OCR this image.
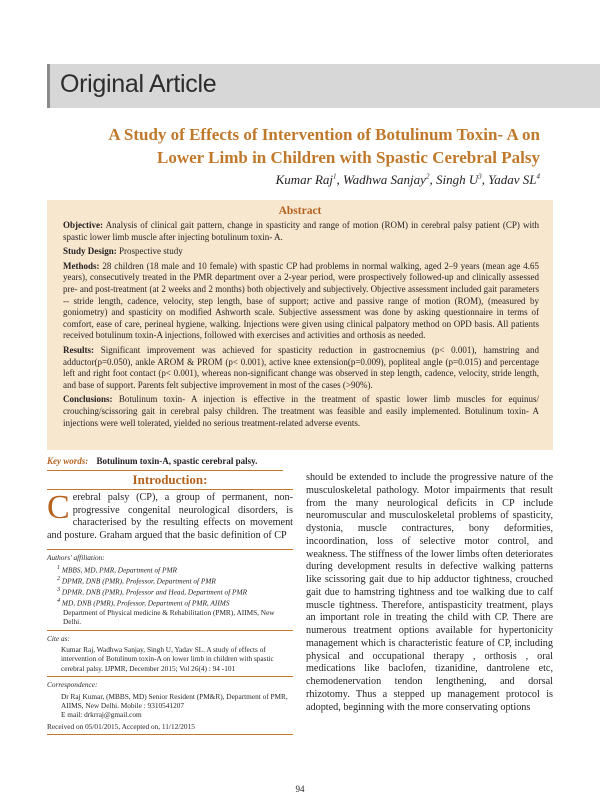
Original Article
A Study of Effects of Intervention of Botulinum Toxin- A on
Lower Limb in Children with Spastic Cerebral Palsy
Kumar Raj$^1$, Wadhwa Sanjay$^2$, Singh $U^3$, Yadav $SL^4$
Abstract

Objective: Analysis of clinical gait pattern, change in spasticity and range of motion (ROM) in cerebral palsy patient (CP) with spastic lower limb muscle after injecting botulinum toxin- A.

Study Design: Prospective study

Methods: 28 children (18 male and 10 female) with spastic CP had problems in normal walking, aged 2–9 years (mean age 4.65 years), consecutively treated in the PMR department over a 2-year period, were prospectively followed-up and clinically assessed pre- and post-treatment (at 2 weeks and 2 months) both objectively and subjectively. Objective assessment included gait parameters -- stride length, cadence, velocity, step length, base of support; active and passive range of motion (ROM), (measured by goniometry) and spasticity on modified Ashworth scale. Subjective assessment was done by asking questionnaire in terms of comfort, ease of care, perineal hygiene, walking. Injections were given using clinical palpatory method on OPD basis. All patients received botulinum toxin-A injections, followed with exercises and activities and orthosis as needed.

Results: Significant improvement was achieved for spasticity reduction in gastrocnemius (p< 0.001), hamstring and adductor(p=0.050), ankle AROM & PROM (p< 0.001), active knee extension(p=0.009), popliteal angle (p=0.015) and percentage left and right foot contact (p< 0.001), whereas non-significant change was observed in step length, cadence, velocity, stride length, and base of support. Parents felt subjective improvement in most of the cases (>90%).

Conclusions: Botulinum toxin- A injection is effective in the treatment of spastic lower limb muscles for equinus/ crouching/scissoring gait in cerebral palsy children. The treatment was feasible and easily implemented. Botulinum toxin- A injections were well tolerated, yielded no serious treatment-related adverse events.

Key words: Botulinum toxin-A, spastic cerebral palsy.
Introduction:
Cerebral palsy (CP), a group of permanent, non-progressive congenital neurological disorders, is characterised by the resulting effects on movement and posture. Graham argued that the basic definition of CP
Authors' affiliation:
$^1$ MBBS, MD, PMR, Department of PMR
$^2$ DPMR, DNB (PMR), Professor, Department of PMR
$^3$ DPMR, DNB (PMR), Professor and Head, Department of PMR
$^4$ MD, DNB (PMR), Professor, Department of PMR, AIIMS
Department of Physical medicine & Rehabilitation (PMR), AIIMS, New Delhi.
Cite as:
Kumar Raj, Wadhwa Sanjay, Singh U, Yadav SL. A study of effects of intervention of Botulinum toxin-A on lower limb in children with spastic cerebral palsy. IJPMR, December 2015; Vol 26(4) : 94 -101
Correspondence:
Dr Raj Kumar, (MBBS, MD) Senior Resident (PM&R), Department of PMR, AIIMS, New Delhi. Mobile : 9310541207
E mail: drkrraj@gmail.com
Received on 05/01/2015, Accepted on, 11/12/2015
should be extended to include the progressive nature of the musculoskeletal pathology. Motor impairments that result from the many neurological deficits in CP include neuromuscular and musculoskeletal problems of spasticity, dystonia, muscle contractures, bony deformities, incoordination, loss of selective motor control, and weakness. The stiffness of the lower limbs often deteriorates during development results in defective walking patterns like scissoring gait due to hip adductor tightness, crouched gait due to hamstring tightness and toe walking due to calf muscle tightness. Therefore, antispasticity treatment, plays an important role in treating the child with CP. There are numerous treatment options available for hypertonicity management which is characteristic feature of CP, including physical and occupational therapy , orthosis , oral medications like baclofen, tizanidine, dantrolene etc, chemodenervation tendon lengthening, and dorsal rhizotomy. Thus a stepped up management protocol is adopted, beginning with the more conservating options
94
